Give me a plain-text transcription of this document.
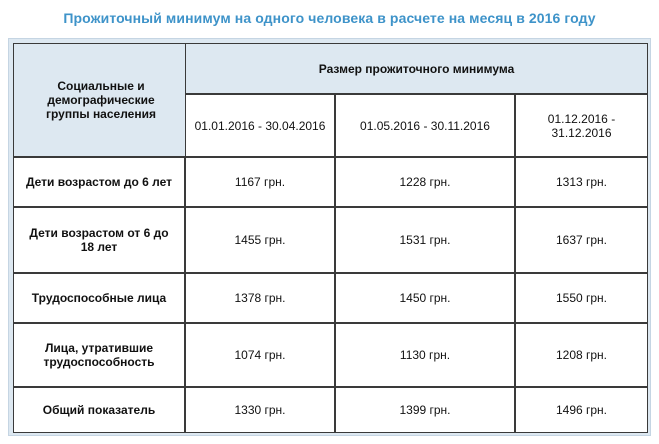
Прожиточный минимум на одного человека в расчете на месяц в 2016 году
Социальные и демографические группы населения
Размер прожиточного минимума
01.01.2016 - 30.04.2016	01.05.2016 - 30.11.2016	01.12.2016 - 31.12.2016
Дети возрастом до 6 лет	1167 грн.	1228 грн.	1313 грн.
Дети возрастом от 6 до 18 лет	1455 грн.	1531 грн.	1637 грн.
Трудоспособные лица	1378 грн.	1450 грн.	1550 грн.
Лица, утратившие трудоспособность	1074 грн.	1130 грн.	1208 грн.
Общий показатель	1330 грн.	1399 грн.	1496 грн.
